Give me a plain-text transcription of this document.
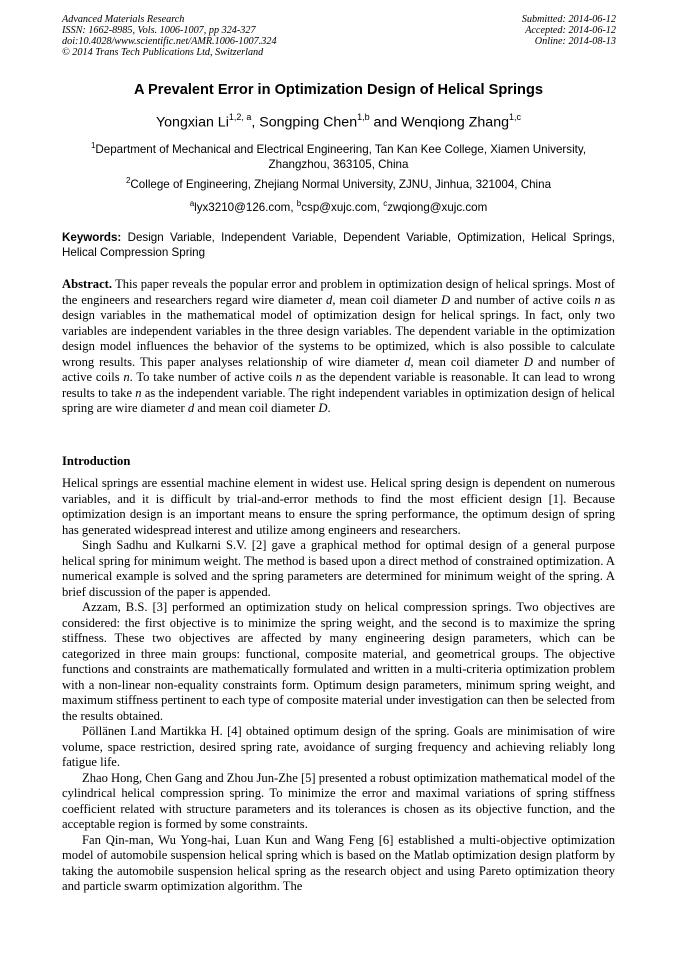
Advanced Materials Research
ISSN: 1662-8985, Vols. 1006-1007, pp 324-327
doi:10.4028/www.scientific.net/AMR.1006-1007.324
© 2014 Trans Tech Publications Ltd, Switzerland
Submitted: 2014-06-12
Accepted: 2014-06-12
Online: 2014-08-13
A Prevalent Error in Optimization Design of Helical Springs
Yongxian Li$^{1,2, a}$, Songping Chen$^{1,b}$ and Wenqiong Zhang$^{1,c}$
$^1$Department of Mechanical and Electrical Engineering, Tan Kan Kee College, Xiamen University, Zhangzhou, 363105, China
$^2$College of Engineering, Zhejiang Normal University, ZJNU, Jinhua, 321004, China
$^a$lyx3210@126.com, $^b$csp@xujc.com, $^c$zwqiong@xujc.com
Keywords: Design Variable, Independent Variable, Dependent Variable, Optimization, Helical Springs, Helical Compression Spring
Abstract. This paper reveals the popular error and problem in optimization design of helical springs. Most of the engineers and researchers regard wire diameter d, mean coil diameter D and number of active coils n as design variables in the mathematical model of optimization design for helical springs. In fact, only two variables are independent variables in the three design variables. The dependent variable in the optimization design model influences the behavior of the systems to be optimized, which is also possible to calculate wrong results. This paper analyses relationship of wire diameter d, mean coil diameter D and number of active coils n. To take number of active coils n as the dependent variable is reasonable. It can lead to wrong results to take n as the independent variable. The right independent variables in optimization design of helical spring are wire diameter d and mean coil diameter D.
Introduction

Helical springs are essential machine element in widest use. Helical spring design is dependent on numerous variables, and it is difficult by trial-and-error methods to find the most efficient design [1]. Because optimization design is an important means to ensure the spring performance, the optimum design of spring has generated widespread interest and utilize among engineers and researchers.

Singh Sadhu and Kulkarni S.V. [2] gave a graphical method for optimal design of a general purpose helical spring for minimum weight. The method is based upon a direct method of constrained optimization. A numerical example is solved and the spring parameters are determined for minimum weight of the spring. A brief discussion of the paper is appended.

Azzam, B.S. [3] performed an optimization study on helical compression springs. Two objectives are considered: the first objective is to minimize the spring weight, and the second is to maximize the spring stiffness. These two objectives are affected by many engineering design parameters, which can be categorized in three main groups: functional, composite material, and geometrical groups. The objective functions and constraints are mathematically formulated and written in a multi-criteria optimization problem with a non-linear non-equality constraints form. Optimum design parameters, minimum spring weight, and maximum stiffness pertinent to each type of composite material under investigation can then be selected from the results obtained.

Pöllänen I.and Martikka H. [4] obtained optimum design of the spring. Goals are minimisation of wire volume, space restriction, desired spring rate, avoidance of surging frequency and achieving reliably long fatigue life.

Zhao Hong, Chen Gang and Zhou Jun-Zhe [5] presented a robust optimization mathematical model of the cylindrical helical compression spring. To minimize the error and maximal variations of spring stiffness coefficient related with structure parameters and its tolerances is chosen as its objective function, and the acceptable region is formed by some constraints.

Fan Qin-man, Wu Yong-hai, Luan Kun and Wang Feng [6] established a multi-objective optimization model of automobile suspension helical spring which is based on the Matlab optimization design platform by taking the automobile suspension helical spring as the research object and using Pareto optimization theory and particle swarm optimization algorithm. The
